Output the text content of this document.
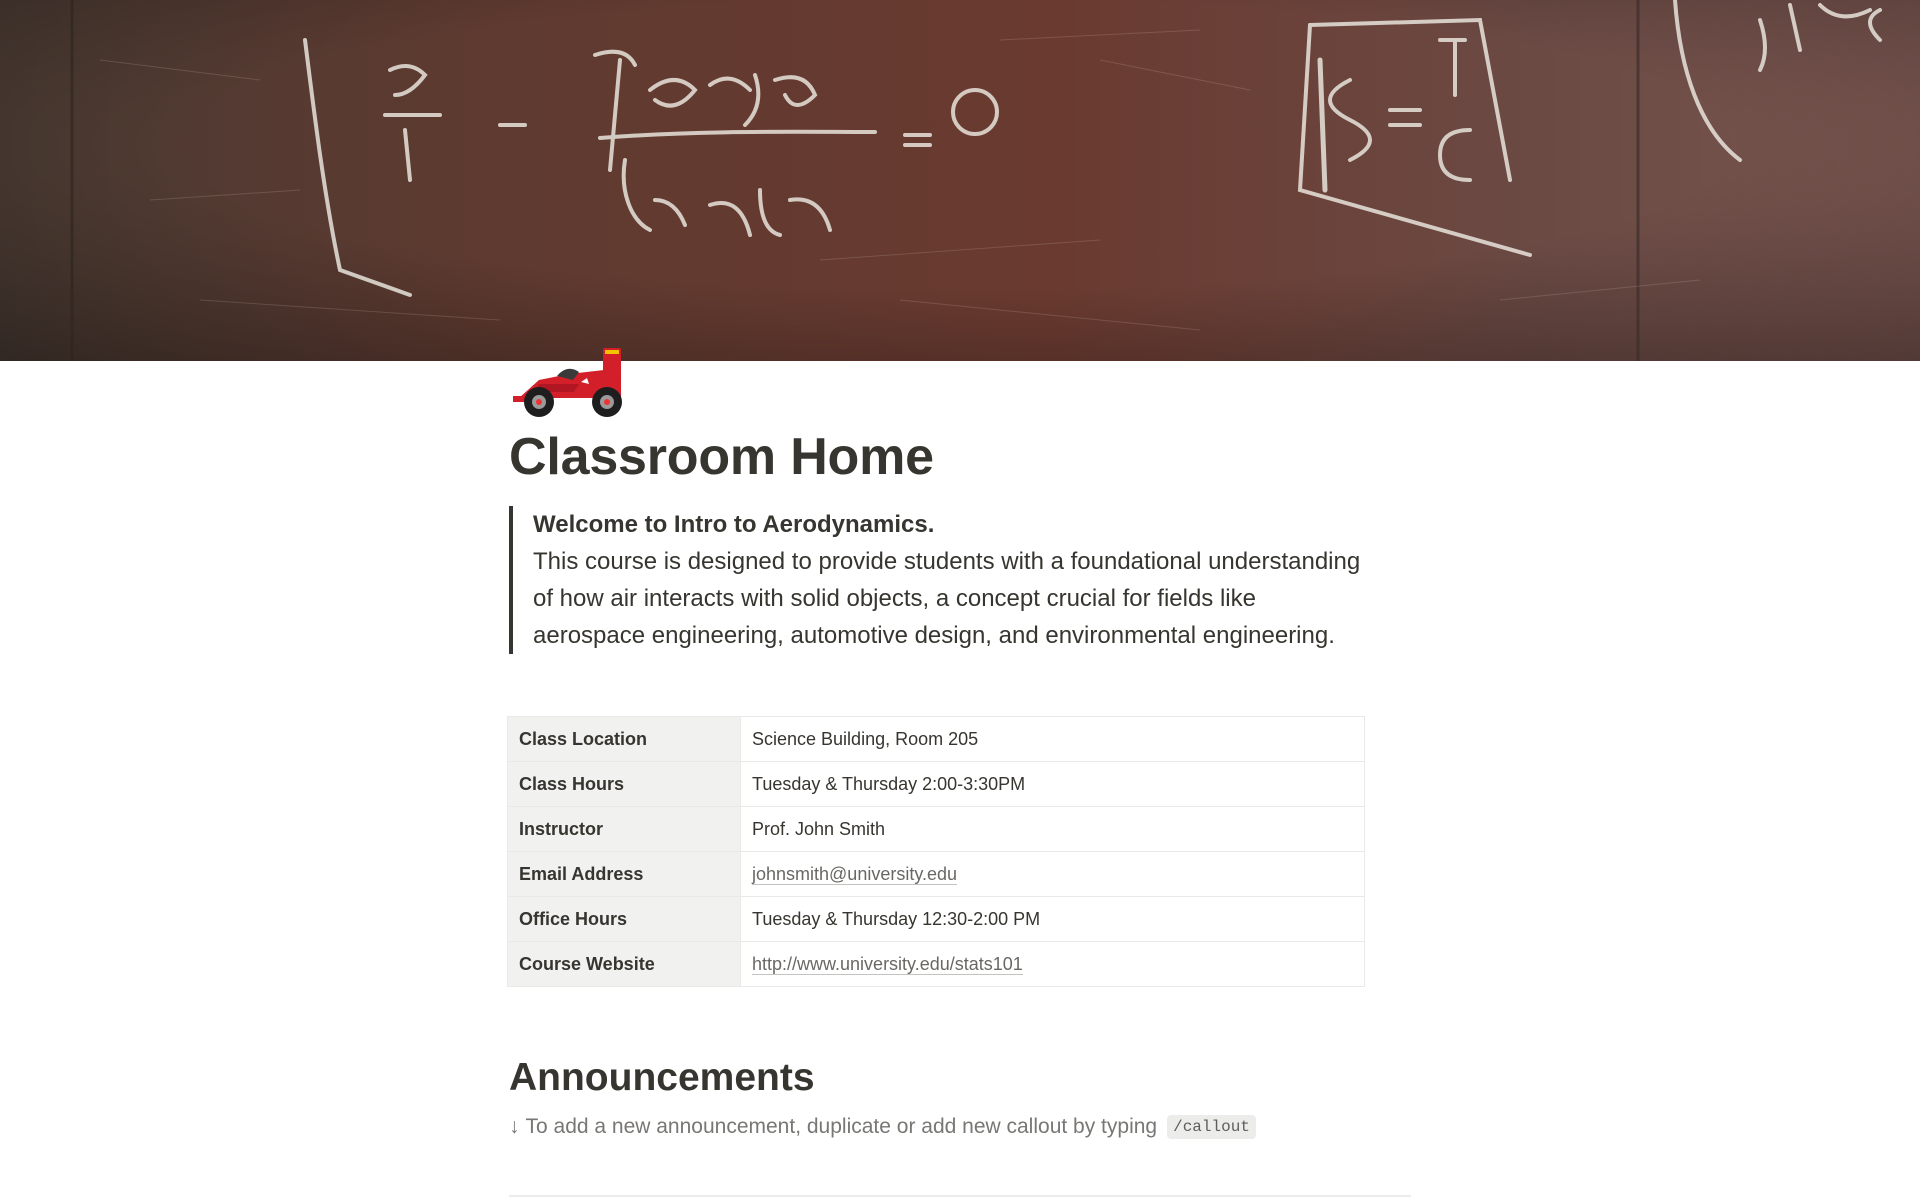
Classroom Home
Welcome to Intro to Aerodynamics.
This course is designed to provide students with a foundational understanding of how air interacts with solid objects, a concept crucial for fields like aerospace engineering, automotive design, and environmental engineering.
Class Location	Science Building, Room 205
Class Hours	Tuesday & Thursday 2:00-3:30PM
Instructor	Prof. John Smith
Email Address	johnsmith@university.edu
Office Hours	Tuesday & Thursday 12:30-2:00 PM
Course Website	http://www.university.edu/stats101
Announcements
↓ To add a new announcement, duplicate or add new callout by typing	/callout
